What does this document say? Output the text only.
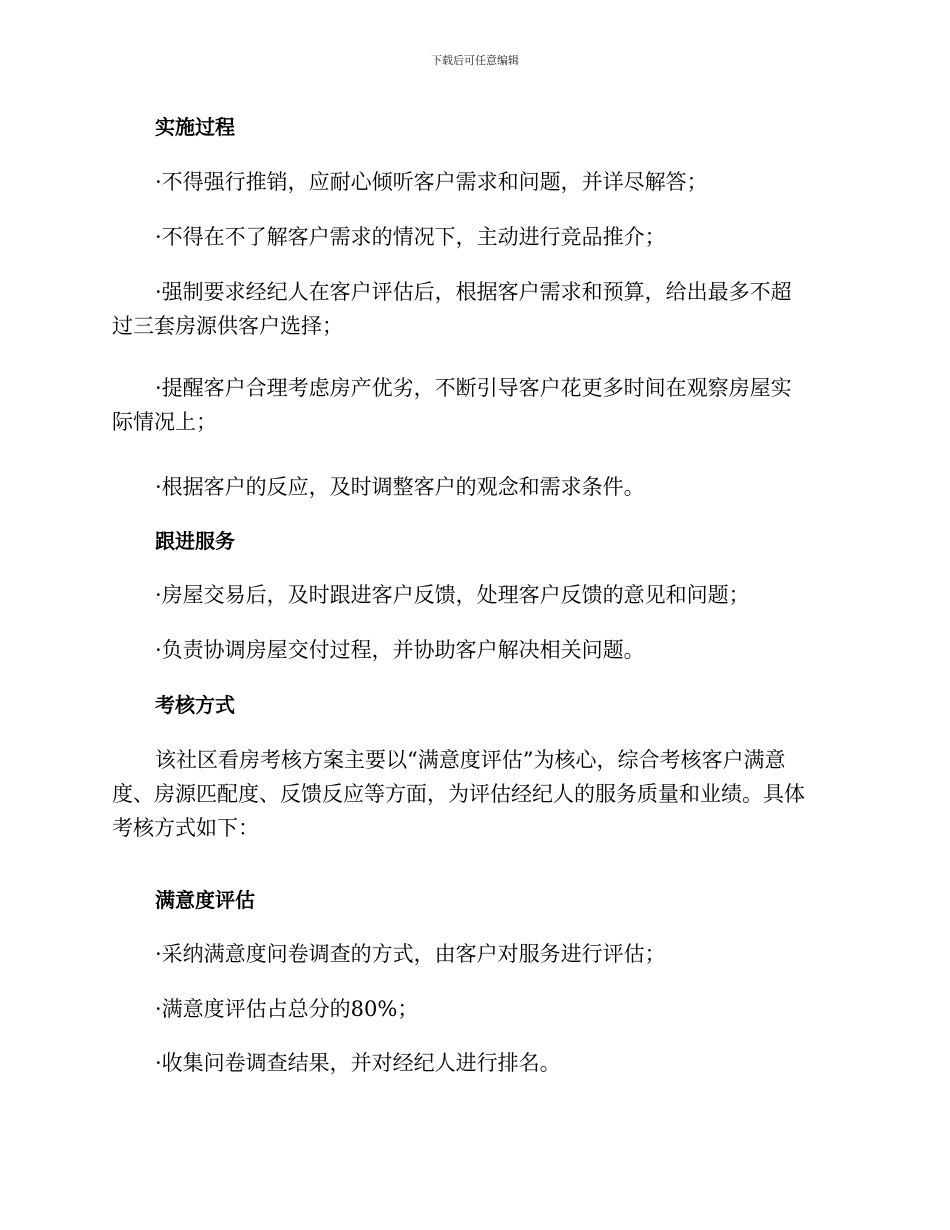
下载后可任意编辑
实施过程
·不得强行推销，应耐心倾听客户需求和问题，并详尽解答；
·不得在不了解客户需求的情况下，主动进行竞品推介；
·强制要求经纪人在客户评估后，根据客户需求和预算，给出最多不超
过三套房源供客户选择；
·提醒客户合理考虑房产优劣，不断引导客户花更多时间在观察房屋实
际情况上；
·根据客户的反应，及时调整客户的观念和需求条件。
跟进服务
·房屋交易后，及时跟进客户反馈，处理客户反馈的意见和问题；
·负责协调房屋交付过程，并协助客户解决相关问题。
考核方式
该社区看房考核方案主要以“满意度评估”为核心，综合考核客户满意
度、房源匹配度、反馈反应等方面，为评估经纪人的服务质量和业绩。具体
考核方式如下：
满意度评估
·采纳满意度问卷调查的方式，由客户对服务进行评估；
·满意度评估占总分的80%；
·收集问卷调查结果，并对经纪人进行排名。
